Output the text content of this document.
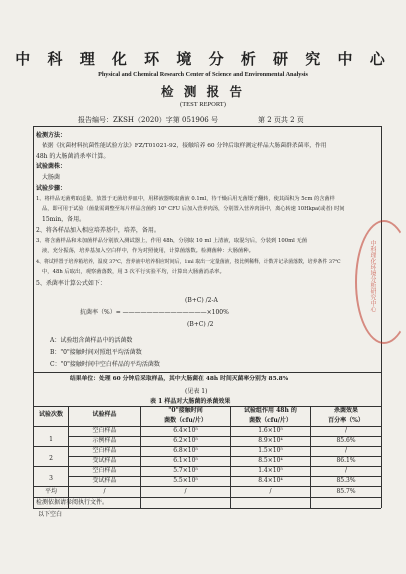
中 科 理 化 环 境 分 析 研 究 中 心
Physical and Chemical Research Center of Science and Environmental Analysis
检 测 报 告
(TEST REPORT)
报告编号：ZKSH（2020）字第 051906 号	第 2 页共 2 页
检测方法：
依据《抗菌材料抗菌性能试验方法》FZ/T01021-92，接触培养 60 分钟后取样测定样品大肠菌群杀菌率，作用
48h 的大肠菌消杀率计算。
试验菌株：
大肠菌
试验步骤：
1、将样品无菌剪取适量，放置于无菌培养皿中，用移液器吸取菌液 0.1ml，待干燥后用无菌镊子翻转，使其面积为 5cm 的含菌样
品，即可用于试验（菌量需调整至每片样品含菌约 10⁵ CFU 后加入营养肉汤，分别置入营养肉汤中，离心转速 10Hkpa(或者) 时间
15min，备用。
2、将各样品加入相应培养基中，培养，备用。
3、将含菌样品和未加菌样品分别放入测试器上，作用 48h，分别取 10 ml 上清液，取混匀后，分装到 100ml 无菌
液，充分振荡，培养基加入空白样中，作为对照使用，计算菌落数。检测菌种：大肠菌种。
4、将试样置于培养箱培养，温度 37℃，营养液中培养相应时间后，1ml 取出一定量菌液，按比例稀释，计数并记录菌落数，培养条件 37℃
中，48h 后取出，观察菌落数，用 3 次平行实验平均，计算出大肠菌消杀率。
5、杀菌率计算公式如下：
(B+C) /2-A
抗菌率（%）= ——————————————×100%
(B+C) /2
A：试验组含菌样品中的活菌数
B："0"接触时间对照组平均活菌数
C："0"接触时间中空白样品的平均活菌数
结果单位：处理 60 分钟后采取样品，其中大肠菌在 48h 时间灭菌率分别为 85.8%
(见表 1)
表 1 样品对大肠菌的杀菌效果
试验次数	试验样品
"0"接触时间
菌数（cfu/片）
试验组作用 48h 的
菌数（cfu/片）
杀菌效果
百分率（%）
1
空白样品	6.4×10⁵	1.6×10⁵	/
示例样品	6.2×10⁵	8.9×10⁴	85.6%
2
空白样品	6.8×10⁵	1.5×10⁵	/
受试样品	6.1×10⁵	8.5×10⁴	86.1%
3
空白样品	5.7×10⁵	1.4×10⁵	/
受试样品	5.5×10⁵	8.4×10⁴	85.3%
平均	/	/	/	85.7%
检测依据请参阅执行文件。
以下空白
中科理化环境分析研究中心
